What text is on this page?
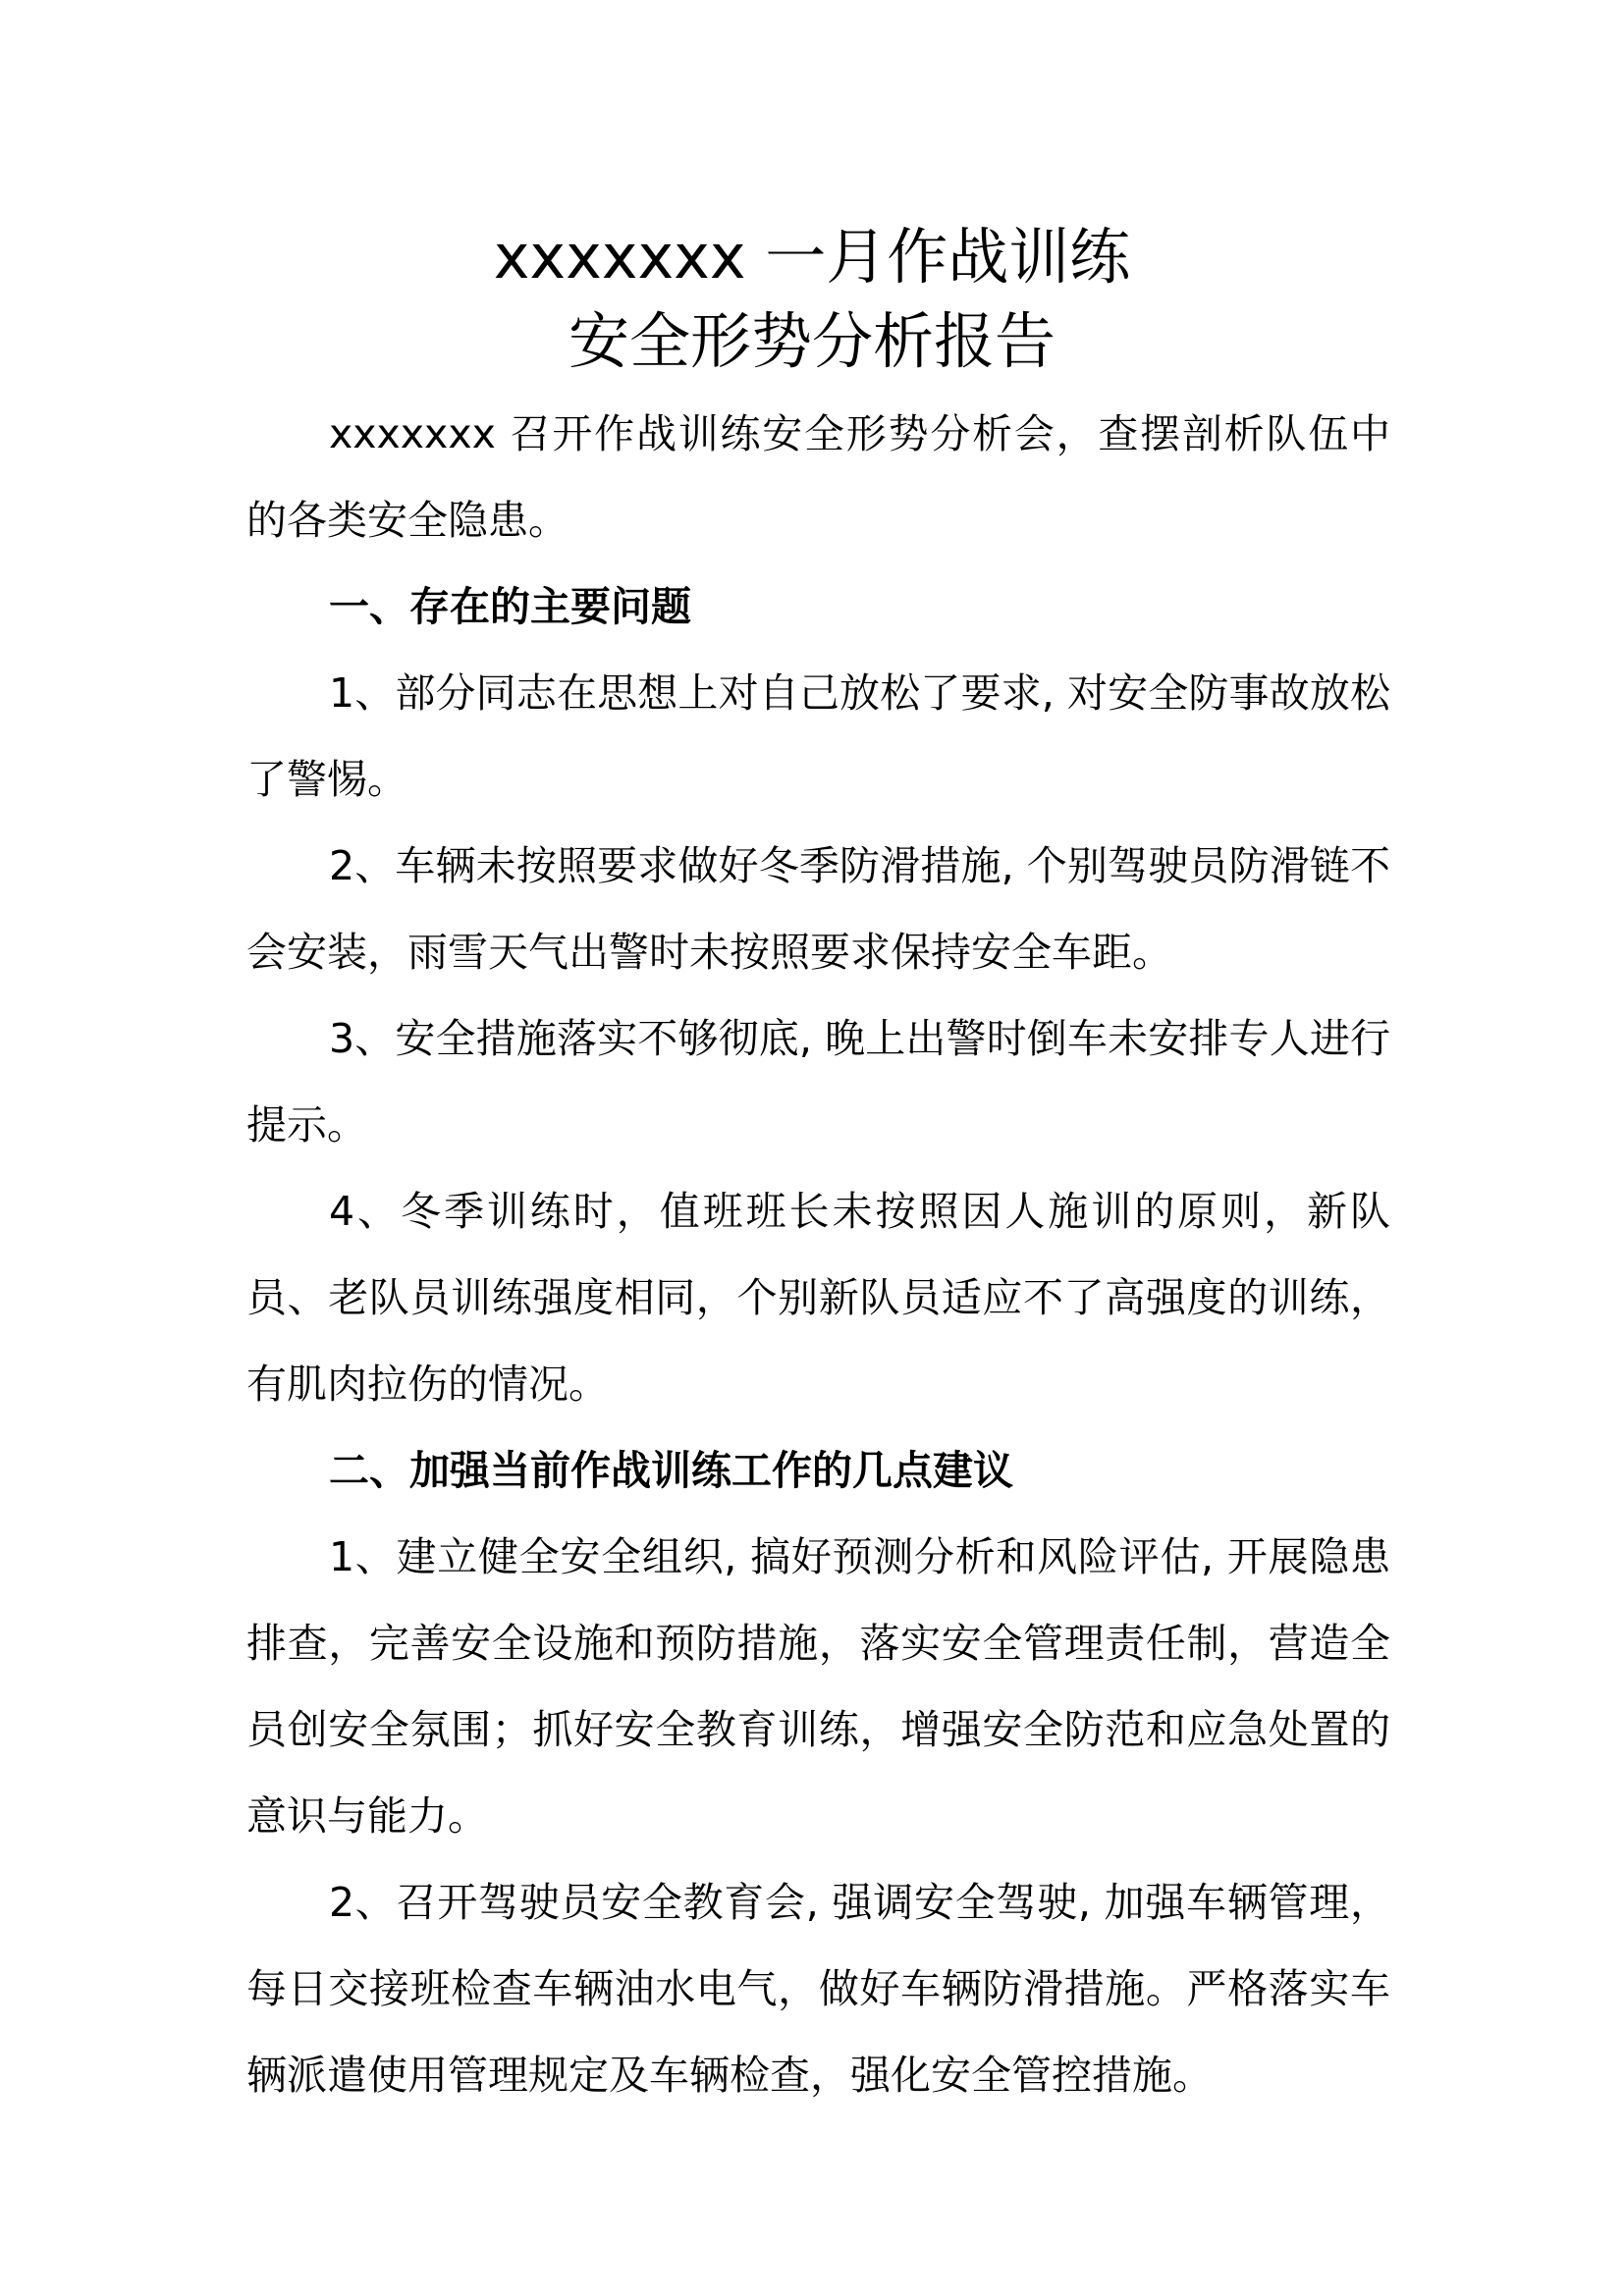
xxxxxxx 一月作战训练
安全形势分析报告

xxxxxxx 召开作战训练安全形势分析会，查摆剖析队伍中的各类安全隐患。

一、存在的主要问题

1、部分同志在思想上对自己放松了要求, 对安全防事故放松了警惕。

2、车辆未按照要求做好冬季防滑措施, 个别驾驶员防滑链不会安装，雨雪天气出警时未按照要求保持安全车距。

3、安全措施落实不够彻底, 晚上出警时倒车未安排专人进行提示。

4、冬季训练时，值班班长未按照因人施训的原则，新队员、老队员训练强度相同，个别新队员适应不了高强度的训练，有肌肉拉伤的情况。

二、加强当前作战训练工作的几点建议

1、建立健全安全组织, 搞好预测分析和风险评估, 开展隐患排查，完善安全设施和预防措施，落实安全管理责任制，营造全员创安全氛围；抓好安全教育训练，增强安全防范和应急处置的意识与能力。

2、召开驾驶员安全教育会, 强调安全驾驶, 加强车辆管理，每日交接班检查车辆油水电气，做好车辆防滑措施。严格落实车辆派遣使用管理规定及车辆检查，强化安全管控措施。
